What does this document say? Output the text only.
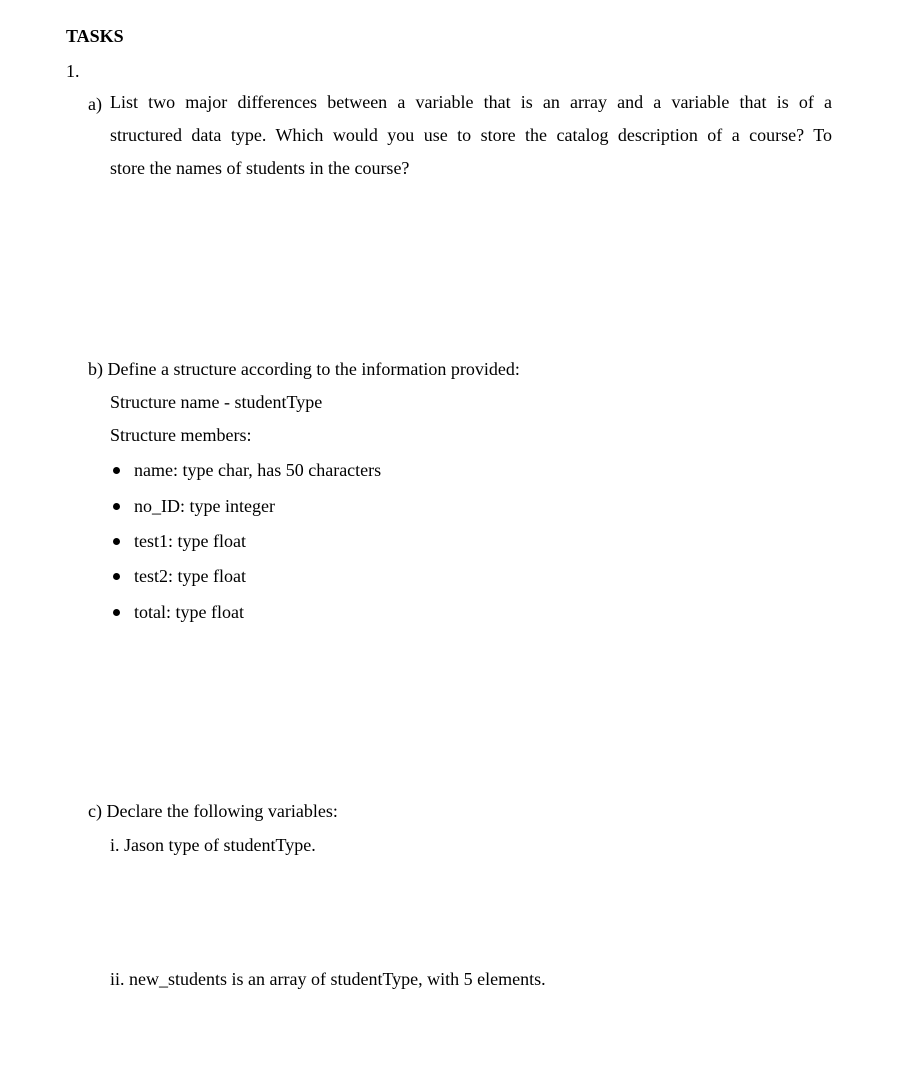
TASKS
1.
a) List two major differences between a variable that is an array and a variable that is of a
structured data type. Which would you use to store the catalog description of a course? To
store the names of students in the course?
b) Define a structure according to the information provided:
Structure name - studentType
Structure members:
name: type char, has 50 characters
no_ID: type integer
test1: type float
test2: type float
total: type float
c) Declare the following variables:
i. Jason type of studentType.
ii. new_students is an array of studentType, with 5 elements.
